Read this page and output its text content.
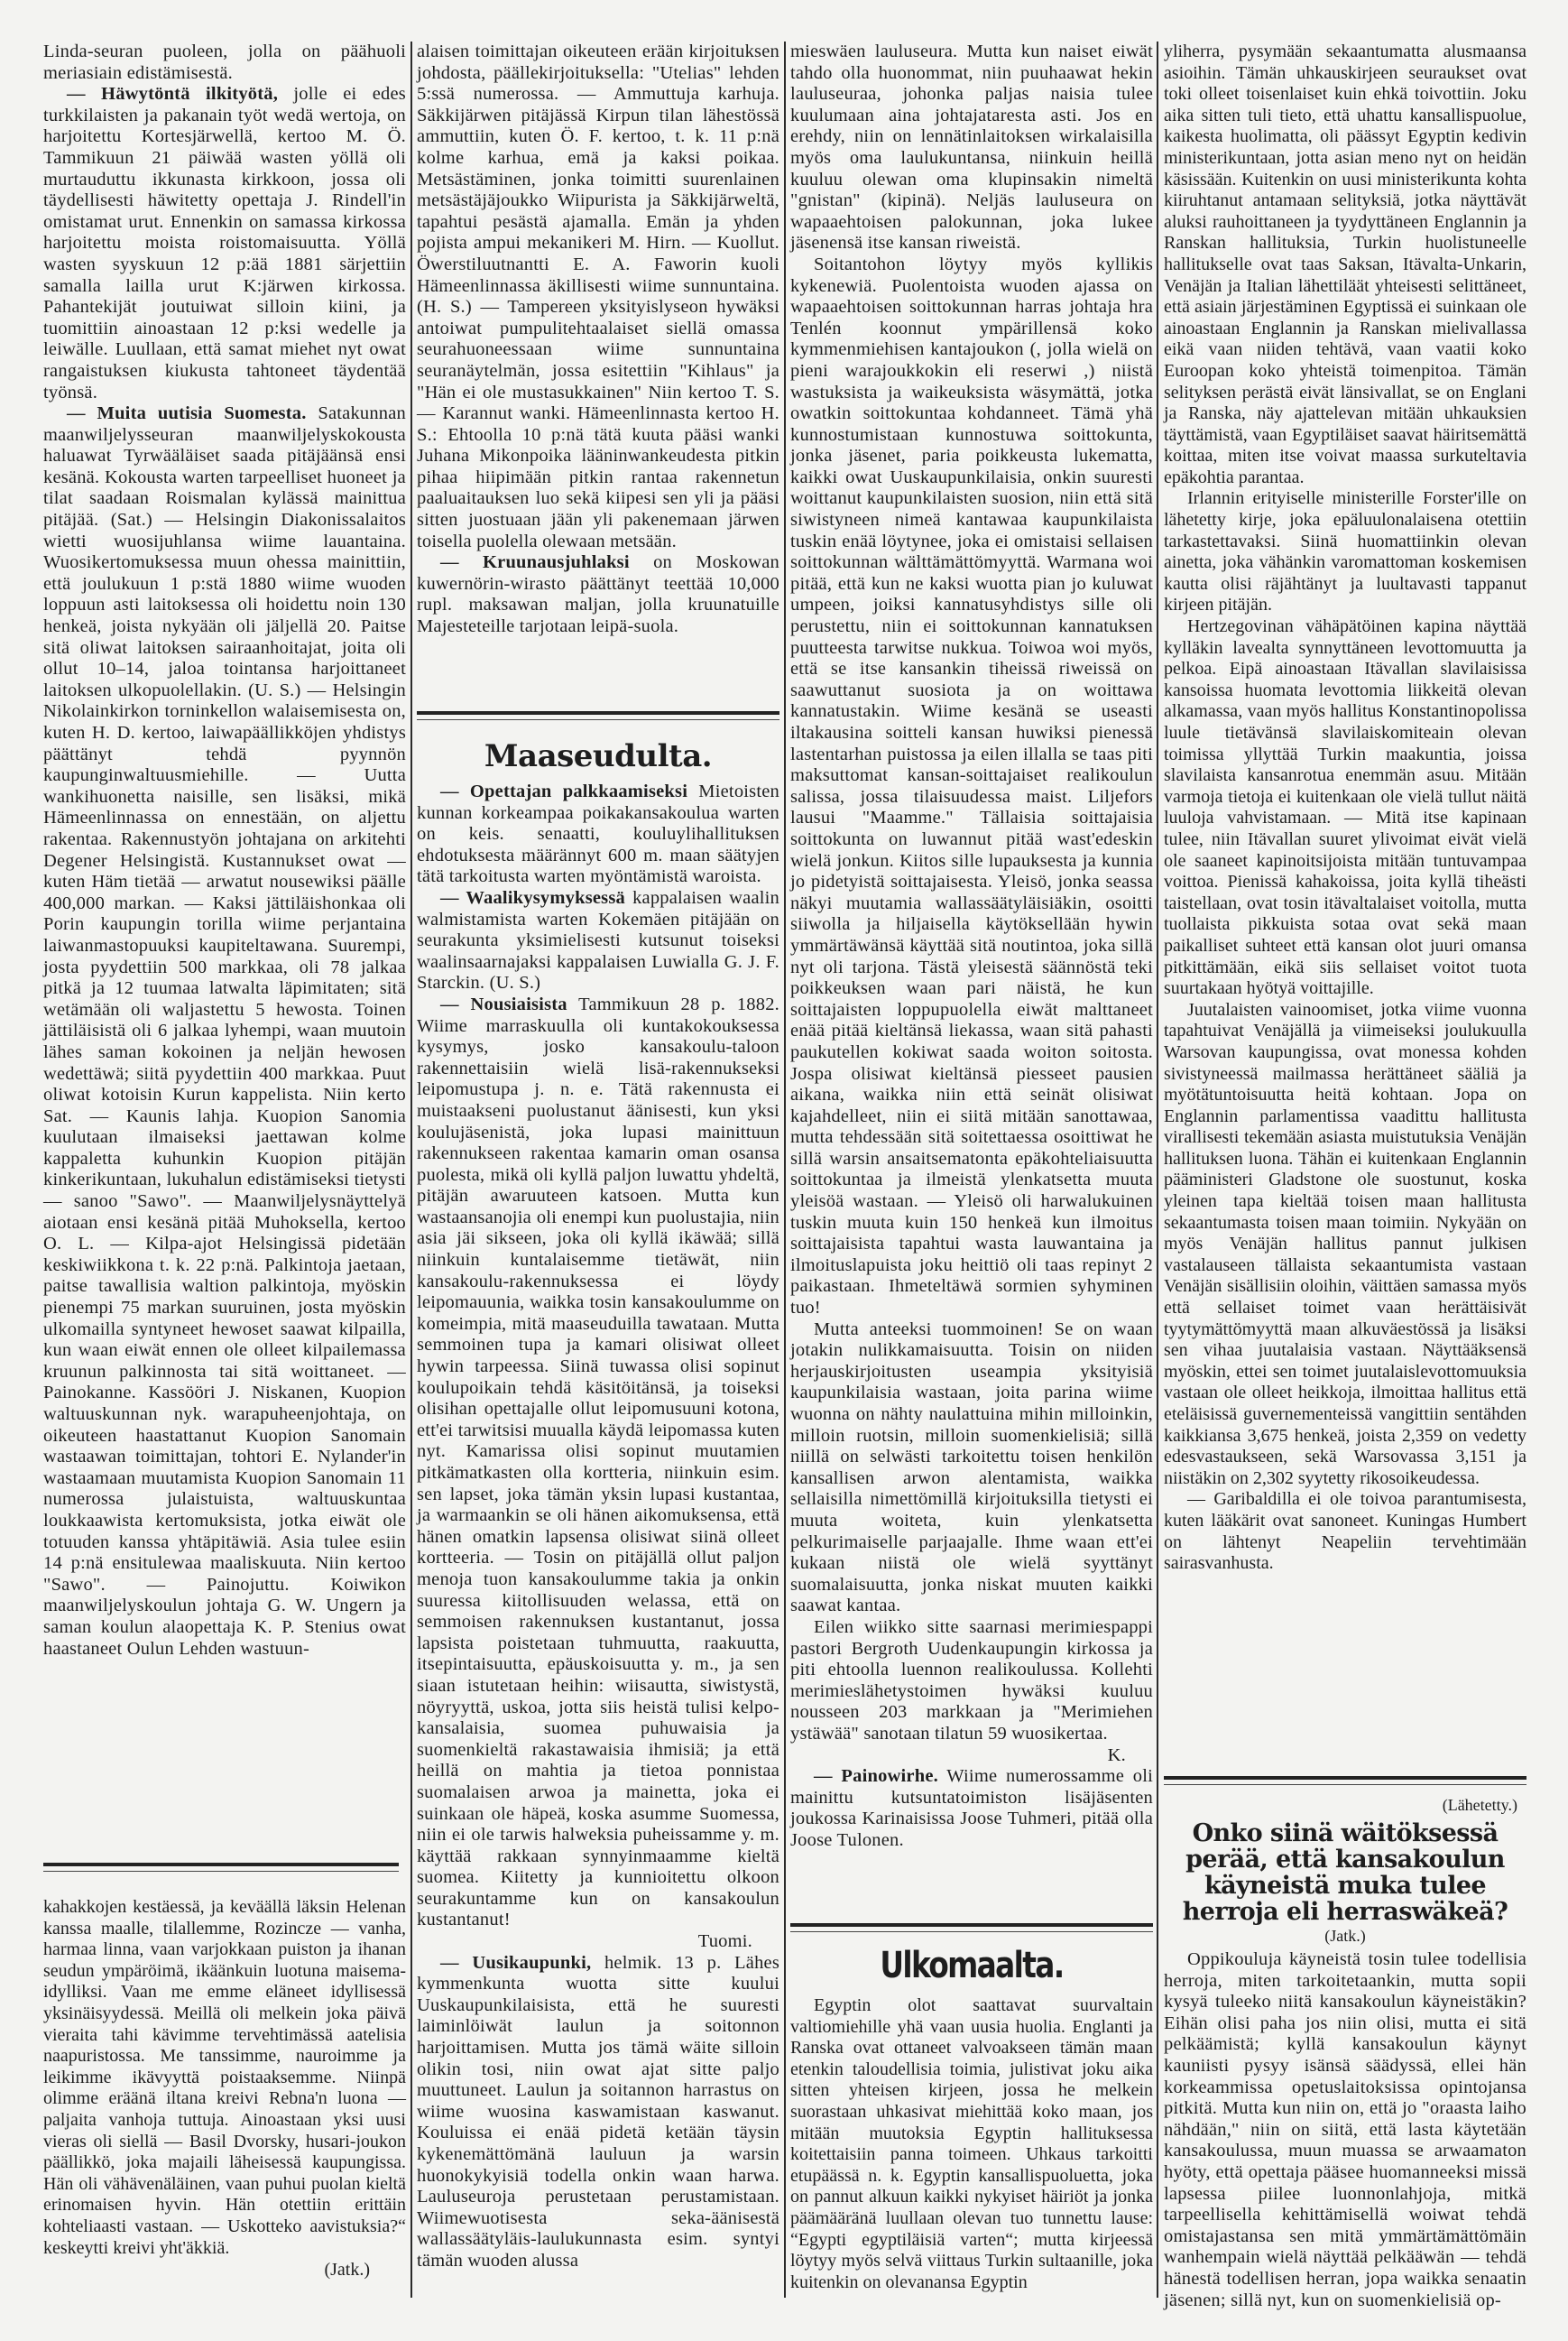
Linda-seuran puoleen, jolla on päähuoli meriasiain edistämisestä.

— Häwytöntä ilkityötä, jolle ei edes turkkilaisten ja pakanain työt wedä wertoja, on harjoitettu Kortesjärwellä, kertoo M. Ö. Tammikuun 21 päiwää wasten yöllä oli murtauduttu ikkunasta kirkkoon, jossa oli täydellisesti häwitetty opettaja J. Rindell'in omistamat urut. Ennenkin on samassa kirkossa harjoitettu moista roistomaisuutta. Yöllä wasten syyskuun 12 p:ää 1881 särjettiin samalla lailla urut K:järwen kirkossa. Pahantekijät joutuiwat silloin kiini, ja tuomittiin ainoastaan 12 p:ksi wedelle ja leiwälle. Luullaan, että samat miehet nyt owat rangaistuksen kiukusta tahtoneet täydentää työnsä.

— Muita uutisia Suomesta. Satakunnan maanwiljelysseuran maanwiljelyskokousta haluawat Tyrwääläiset saada pitäjäänsä ensi kesänä. Kokousta warten tarpeelliset huoneet ja tilat saadaan Roismalan kylässä mainittua pitäjää. (Sat.) — Helsingin Diakonissalaitos wietti wuosijuhlansa wiime lauantaina. Wuosikertomuksessa muun ohessa mainittiin, että joulukuun 1 p:stä 1880 wiime wuoden loppuun asti laitoksessa oli hoidettu noin 130 henkeä, joista nykyään oli jäljellä 20. Paitse sitä oliwat laitoksen sairaanhoitajat, joita oli ollut 10–14, jaloa tointansa harjoittaneet laitoksen ulkopuolellakin. (U. S.) — Helsingin Nikolainkirkon torninkellon walaisemisesta on, kuten H. D. kertoo, laiwapäällikköjen yhdistys päättänyt tehdä pyynnön kaupunginwaltuusmiehille. — Uutta wankihuonetta naisille, sen lisäksi, mikä Hämeenlinnassa on ennestään, on aljettu rakentaa. Rakennustyön johtajana on arkitehti Degener Helsingistä. Kustannukset owat — kuten Häm tietää — arwatut nousewiksi päälle 400,000 markan. — Kaksi jättiläishonkaa oli Porin kaupungin torilla wiime perjantaina laiwanmastopuuksi kaupiteltawana. Suurempi, josta pyydettiin 500 markkaa, oli 78 jalkaa pitkä ja 12 tuumaa latwalta läpimitaten; sitä wetämään oli waljastettu 5 hewosta. Toinen jättiläisistä oli 6 jalkaa lyhempi, waan muutoin lähes saman kokoinen ja neljän hewosen wedettäwä; siitä pyydettiin 400 markkaa. Puut oliwat kotoisin Kurun kappelista. Niin kerto Sat. — Kaunis lahja. Kuopion Sanomia kuulutaan ilmaiseksi jaettawan kolme kappaletta kuhunkin Kuopion pitäjän kinkerikuntaan, lukuhalun edistämiseksi tietysti — sanoo "Sawo". — Maanwiljelysnäyttelyä aiotaan ensi kesänä pitää Muhoksella, kertoo O. L. — Kilpa-ajot Helsingissä pidetään keskiwiikkona t. k. 22 p:nä. Palkintoja jaetaan, paitse tawallisia waltion palkintoja, myöskin pienempi 75 markan suuruinen, josta myöskin ulkomailla syntyneet hewoset saawat kilpailla, kun waan eiwät ennen ole olleet kilpailemassa kruunun palkinnosta tai sitä woittaneet. — Painokanne. Kassööri J. Niskanen, Kuopion waltuuskunnan nyk. warapuheenjohtaja, on oikeuteen haastattanut Kuopion Sanomain wastaawan toimittajan, tohtori E. Nylander'in wastaamaan muutamista Kuopion Sanomain 11 numerossa julaistuista, waltuuskuntaa loukkaawista kertomuksista, jotka eiwät ole totuuden kanssa yhtäpitäwiä. Asia tulee esiin 14 p:nä ensitulewaa maaliskuuta. Niin kertoo "Sawo". — Painojuttu. Koiwikon maanwiljelyskoulun johtaja G. W. Ungern ja saman koulun alaopettaja K. P. Stenius owat haastaneet Oulun Lehden wastuun-

kahakkojen kestäessä, ja keväällä läksin Helenan kanssa maalle, tilallemme, Rozincze — vanha, harmaa linna, vaan varjokkaan puiston ja ihanan seudun ympäröimä, ikäänkuin luotuna maisema-idylliksi. Vaan me emme eläneet idyllisessä yksinäisyydessä. Meillä oli melkein joka päivä vieraita tahi kävimme tervehtimässä aatelisia naapuristossa. Me tanssimme, nauroimme ja leikimme ikävyyttä poistaaksemme. Niinpä olimme eräänä iltana kreivi Rebna'n luona — paljaita vanhoja tuttuja. Ainoastaan yksi uusi vieras oli siellä — Basil Dvorsky, husari-joukon päällikkö, joka majaili läheisessä kaupungissa. Hän oli vähävenäläinen, vaan puhui puolan kieltä erinomaisen hyvin. Hän otettiin erittäin kohteliaasti vastaan. — Uskotteko aavistuksia?“ keskeytti kreivi yht'äkkiä.

(Jatk.)

alaisen toimittajan oikeuteen erään kirjoituksen johdosta, päällekirjoituksella: "Utelias" lehden 5:ssä numerossa. — Ammuttuja karhuja. Säkkijärwen pitäjässä Kirpun tilan lähestössä ammuttiin, kuten Ö. F. kertoo, t. k. 11 p:nä kolme karhua, emä ja kaksi poikaa. Metsästäminen, jonka toimitti suurenlainen metsästäjäjoukko Wiipurista ja Säkkijärweltä, tapahtui pesästä ajamalla. Emän ja yhden pojista ampui mekanikeri M. Hirn. — Kuollut. Öwerstiluutnantti E. A. Faworin kuoli Hämeenlinnassa äkillisesti wiime sunnuntaina. (H. S.) — Tampereen yksityislyseon hywäksi antoiwat pumpulitehtaalaiset siellä omassa seurahuoneessaan wiime sunnuntaina seuranäytelmän, jossa esitettiin "Kihlaus" ja "Hän ei ole mustasukkainen" Niin kertoo T. S. — Karannut wanki. Hämeenlinnasta kertoo H. S.: Ehtoolla 10 p:nä tätä kuuta pääsi wanki Juhana Mikonpoika lääninwankeudesta pitkin pihaa hiipimään pitkin rantaa rakennetun paaluaitauksen luo sekä kiipesi sen yli ja pääsi sitten juostuaan jään yli pakenemaan järwen toisella puolella olewaan metsään.

— Kruunausjuhlaksi on Moskowan kuwernörin-wirasto päättänyt teettää 10,000 rupl. maksawan maljan, jolla kruunatuille Majesteteille tarjotaan leipä-suola.

Maaseudulta.

— Opettajan palkkaamiseksi Mietoisten kunnan korkeampaa poikakansakoulua warten on keis. senaatti, kouluylihallituksen ehdotuksesta määrännyt 600 m. maan säätyjen tätä tarkoitusta warten myöntämistä waroista.

— Waalikysymyksessä kappalaisen waalin walmistamista warten Kokemäen pitäjään on seurakunta yksimielisesti kutsunut toiseksi waalinsaarnajaksi kappalaisen Luwialla G. J. F. Starckin. (U. S.)

— Nousiaisista Tammikuun 28 p. 1882. Wiime marraskuulla oli kuntakokouksessa kysymys, josko kansakoulu-taloon rakennettaisiin wielä lisä-rakennukseksi leipomustupa j. n. e. Tätä rakennusta ei muistaakseni puolustanut äänisesti, kun yksi koulujäsenistä, joka lupasi mainittuun rakennukseen rakentaa kamarin oman osansa puolesta, mikä oli kyllä paljon luwattu yhdeltä, pitäjän awaruuteen katsoen. Mutta kun wastaansanojia oli enempi kun puolustajia, niin asia jäi sikseen, joka oli kyllä ikäwää; sillä niinkuin kuntalaisemme tietäwät, niin kansakoulu-rakennuksessa ei löydy leipomauunia, waikka tosin kansakoulumme on komeimpia, mitä maaseuduilla tawataan. Mutta semmoinen tupa ja kamari olisiwat olleet hywin tarpeessa. Siinä tuwassa olisi sopinut koulupoikain tehdä käsitöitänsä, ja toiseksi olisihan opettajalle ollut leipomusuuni kotona, ett'ei tarwitsisi muualla käydä leipomassa kuten nyt. Kamarissa olisi sopinut muutamien pitkämatkasten olla kortteria, niinkuin esim. sen lapset, joka tämän yksin lupasi kustantaa, ja warmaankin se oli hänen aikomuksensa, että hänen omatkin lapsensa olisiwat siinä olleet kortteeria. — Tosin on pitäjällä ollut paljon menoja tuon kansakoulumme takia ja onkin suuressa kiitollisuuden welassa, että on semmoisen rakennuksen kustantanut, jossa lapsista poistetaan tuhmuutta, raakuutta, itsepintaisuutta, epäuskoisuutta y. m., ja sen siaan istutetaan heihin: wiisautta, siwistystä, nöyryyttä, uskoa, jotta siis heistä tulisi kelpo-kansalaisia, suomea puhuwaisia ja suomenkieltä rakastawaisia ihmisiä; ja että heillä on mahtia ja tietoa ponnistaa suomalaisen arwoa ja mainetta, joka ei suinkaan ole häpeä, koska asumme Suomessa, niin ei ole tarwis halweksia puheissamme y. m. käyttää rakkaan synnyinmaamme kieltä suomea. Kiitetty ja kunnioitettu olkoon seurakuntamme kun on kansakoulun kustantanut!

Tuomi.

— Uusikaupunki, helmik. 13 p. Lähes kymmenkunta wuotta sitte kuului Uuskaupunkilaisista, että he suuresti laiminlöiwät laulun ja soitonnon harjoittamisen. Mutta jos tämä wäite silloin olikin tosi, niin owat ajat sitte paljo muuttuneet. Laulun ja soitannon harrastus on wiime wuosina kaswamistaan kaswanut. Kouluissa ei enää pidetä ketään täysin kykenemättömänä lauluun ja warsin huonokykyisiä todella onkin waan harwa. Lauluseuroja perustetaan perustamistaan. Wiimewuotisesta seka-äänisestä wallassäätyläis-laulukunnasta esim. syntyi tämän wuoden alussa

mieswäen lauluseura. Mutta kun naiset eiwät tahdo olla huonommat, niin puuhaawat hekin lauluseuraa, johonka paljas naisia tulee kuulumaan aina johtajataresta asti. Jos en erehdy, niin on lennätinlaitoksen wirkalaisilla myös oma laulukuntansa, niinkuin heillä kuuluu olewan oma klupinsakin nimeltä "gnistan" (kipinä). Neljäs lauluseura on wapaaehtoisen palokunnan, joka lukee jäsenensä itse kansan riweistä.

Soitantohon löytyy myös kyllikis kykenewiä. Puolentoista wuoden ajassa on wapaaehtoisen soittokunnan harras johtaja hra Tenlén koonnut ympärillensä koko kymmenmiehisen kantajoukon (, jolla wielä on pieni warajoukkokin eli reserwi ,) niistä wastuksista ja waikeuksista wäsymättä, jotka owatkin soittokuntaa kohdanneet. Tämä yhä kunnostumistaan kunnostuwa soittokunta, jonka jäsenet, paria poikkeusta lukematta, kaikki owat Uuskaupunkilaisia, onkin suuresti woittanut kaupunkilaisten suosion, niin että sitä siwistyneen nimeä kantawaa kaupunkilaista tuskin enää löytynee, joka ei omistaisi sellaisen soittokunnan wälttämättömyyttä. Warmana woi pitää, että kun ne kaksi wuotta pian jo kuluwat umpeen, joiksi kannatusyhdistys sille oli perustettu, niin ei soittokunnan kannatuksen puutteesta tarwitse nukkua. Toiwoa woi myös, että se itse kansankin tiheissä riweissä on saawuttanut suosiota ja on woittawa kannatustakin. Wiime kesänä se useasti iltakausina soitteli kansan huwiksi pienessä lastentarhan puistossa ja eilen illalla se taas piti maksuttomat kansan-soittajaiset realikoulun salissa, jossa tilaisuudessa maist. Liljefors lausui "Maamme." Tällaisia soittajaisia soittokunta on luwannut pitää wast'edeskin wielä jonkun. Kiitos sille lupauksesta ja kunnia jo pidetyistä soittajaisesta. Yleisö, jonka seassa näkyi muutamia wallassäätyläisiäkin, osoitti siiwolla ja hiljaisella käytöksellään hywin ymmärtäwänsä käyttää sitä noutintoa, joka sillä nyt oli tarjona. Tästä yleisestä säännöstä teki poikkeuksen waan pari näistä, he kun soittajaisten loppupuolella eiwät malttaneet enää pitää kieltänsä liekassa, waan sitä pahasti paukutellen kokiwat saada woiton soitosta. Jospa olisiwat kieltänsä piesseet pausien aikana, waikka niin että seinät olisiwat kajahdelleet, niin ei siitä mitään sanottawaa, mutta tehdessään sitä soitettaessa osoittiwat he sillä warsin ansaitsematonta epäkohteliaisuutta soittokuntaa ja ilmeistä ylenkatsetta muuta yleisöä wastaan. — Yleisö oli harwalukuinen tuskin muuta kuin 150 henkeä kun ilmoitus soittajaisista tapahtui wasta lauwantaina ja ilmoituslapuista joku heittiö oli taas repinyt 2 paikastaan. Ihmeteltäwä sormien syhyminen tuo!

Mutta anteeksi tuommoinen! Se on waan jotakin nulikkamaisuutta. Toisin on niiden herjauskirjoitusten useampia yksityisiä kaupunkilaisia wastaan, joita parina wiime wuonna on nähty naulattuina mihin milloinkin, milloin ruotsin, milloin suomenkielisiä; sillä niillä on selwästi tarkoitettu toisen henkilön kansallisen arwon alentamista, waikka sellaisilla nimettömillä kirjoituksilla tietysti ei muuta woiteta, kuin ylenkatsetta pelkurimaiselle parjaajalle. Ihme waan ett'ei kukaan niistä ole wielä syyttänyt suomalaisuutta, jonka niskat muuten kaikki saawat kantaa.

Eilen wiikko sitte saarnasi merimiespappi pastori Bergroth Uudenkaupungin kirkossa ja piti ehtoolla luennon realikoulussa. Kollehti merimieslähetystoimen hywäksi kuuluu nousseen 203 markkaan ja "Merimiehen ystäwää" sanotaan tilatun 59 wuosikertaa.

K.

— Painowirhe. Wiime numerossamme oli mainittu kutsuntatoimiston lisäjäsenten joukossa Karinaisissa Joose Tuhmeri, pitää olla Joose Tulonen.

Ulkomaalta.

Egyptin olot saattavat suurvaltain valtiomiehille yhä vaan uusia huolia. Englanti ja Ranska ovat ottaneet valvoakseen tämän maan etenkin taloudellisia toimia, julistivat joku aika sitten yhteisen kirjeen, jossa he melkein suorastaan uhkasivat miehittää koko maan, jos mitään muutoksia Egyptin hallituksessa koitettaisiin panna toimeen. Uhkaus tarkoitti etupäässä n. k. Egyptin kansallispuoluetta, joka on pannut alkuun kaikki nykyiset häiriöt ja jonka päämääränä luullaan olevan tuo tunnettu lause: “Egypti egyptiläisiä varten“; mutta kirjeessä löytyy myös selvä viittaus Turkin sultaanille, joka kuitenkin on olevanansa Egyptin

yliherra, pysymään sekaantumatta alusmaansa asioihin. Tämän uhkauskirjeen seuraukset ovat toki olleet toisenlaiset kuin ehkä toivottiin. Joku aika sitten tuli tieto, että uhattu kansallispuolue, kaikesta huolimatta, oli päässyt Egyptin kedivin ministerikuntaan, jotta asian meno nyt on heidän käsissään. Kuitenkin on uusi ministerikunta kohta kiiruhtanut antamaan selityksiä, jotka näyttävät aluksi rauhoittaneen ja tyydyttäneen Englannin ja Ranskan hallituksia, Turkin huolistuneelle hallitukselle ovat taas Saksan, Itävalta-Unkarin, Venäjän ja Italian lähettiläät yhteisesti selittäneet, että asiain järjestäminen Egyptissä ei suinkaan ole ainoastaan Englannin ja Ranskan mielivallassa eikä vaan niiden tehtävä, vaan vaatii koko Euroopan koko yhteistä toimenpitoa. Tämän selityksen perästä eivät länsivallat, se on Englani ja Ranska, näy ajattelevan mitään uhkauksien täyttämistä, vaan Egyptiläiset saavat häiritsemättä koittaa, miten itse voivat maassa surkuteltavia epäkohtia parantaa.

Irlannin erityiselle ministerille Forster'ille on lähetetty kirje, joka epäluulonalaisena otettiin tarkastettavaksi. Siinä huomattiinkin olevan ainetta, joka vähänkin varomattoman koskemisen kautta olisi räjähtänyt ja luultavasti tappanut kirjeen pitäjän.

Hertzegovinan vähäpätöinen kapina näyttää kylläkin lavealta synnyttäneen levottomuutta ja pelkoa. Eipä ainoastaan Itävallan slavilaisissa kansoissa huomata levottomia liikkeitä olevan alkamassa, vaan myös hallitus Konstantinopolissa luule tietävänsä slavilaiskomiteain olevan toimissa yllyttää Turkin maakuntia, joissa slavilaista kansanrotua enemmän asuu. Mitään varmoja tietoja ei kuitenkaan ole vielä tullut näitä luuloja vahvistamaan. — Mitä itse kapinaan tulee, niin Itävallan suuret ylivoimat eivät vielä ole saaneet kapinoitsijoista mitään tuntuvampaa voittoa. Pienissä kahakoissa, joita kyllä tiheästi taistellaan, ovat tosin itävaltalaiset voitolla, mutta tuollaista pikkuista sotaa ovat sekä maan paikalliset suhteet että kansan olot juuri omansa pitkittämään, eikä siis sellaiset voitot tuota suurtakaan hyötyä voittajille.

Juutalaisten vainoomiset, jotka viime vuonna tapahtuivat Venäjällä ja viimeiseksi joulukuulla Warsovan kaupungissa, ovat monessa kohden sivistyneessä mailmassa herättäneet sääliä ja myötätuntoisuutta heitä kohtaan. Jopa on Englannin parlamentissa vaadittu hallitusta virallisesti tekemään asiasta muistutuksia Venäjän hallituksen luona. Tähän ei kuitenkaan Englannin pääministeri Gladstone ole suostunut, koska yleinen tapa kieltää toisen maan hallitusta sekaantumasta toisen maan toimiin. Nykyään on myös Venäjän hallitus pannut julkisen vastalauseen tällaista sekaantumista vastaan Venäjän sisällisiin oloihin, väittäen samassa myös että sellaiset toimet vaan herättäisivät tyytymättömyyttä maan alkuväestössä ja lisäksi sen vihaa juutalaisia vastaan. Näyttääksensä myöskin, ettei sen toimet juutalaislevottomuuksia vastaan ole olleet heikkoja, ilmoittaa hallitus että eteläisissä guvernementeissä vangittiin sentähden kaikkiansa 3,675 henkeä, joista 2,359 on vedetty edesvastaukseen, sekä Warsovassa 3,151 ja niistäkin on 2,302 syytetty rikosoikeudessa.

— Garibaldilla ei ole toivoa parantumisesta, kuten lääkärit ovat sanoneet. Kuningas Humbert on lähtenyt Neapeliin tervehtimään sairasvanhusta.

(Lähetetty.)
Onko siinä wäitöksessä perää, että kansakoulun käyneistä muka tulee herroja eli herraswäkeä?
(Jatk.)

Oppikouluja käyneistä tosin tulee todellisia herroja, miten tarkoitetaankin, mutta sopii kysyä tuleeko niitä kansakoulun käyneistäkin? Eihän olisi paha jos niin olisi, mutta ei sitä pelkäämistä; kyllä kansakoulun käynyt kauniisti pysyy isänsä säädyssä, ellei hän korkeammissa opetuslaitoksissa opintojansa pitkitä. Mutta kun niin on, että jo "oraasta laiho nähdään," niin on siitä, että lasta käytetään kansakoulussa, muun muassa se arwaamaton hyöty, että opettaja pääsee huomanneeksi missä lapsessa piilee luonnonlahjoja, mitkä tarpeellisella kehittämisellä woiwat tehdä omistajastansa sen mitä ymmärtämättömäin wanhempain wielä näyttää pelkääwän — tehdä hänestä todellisen herran, jopa waikka senaatin jäsenen; sillä nyt, kun on suomenkielisiä op-
